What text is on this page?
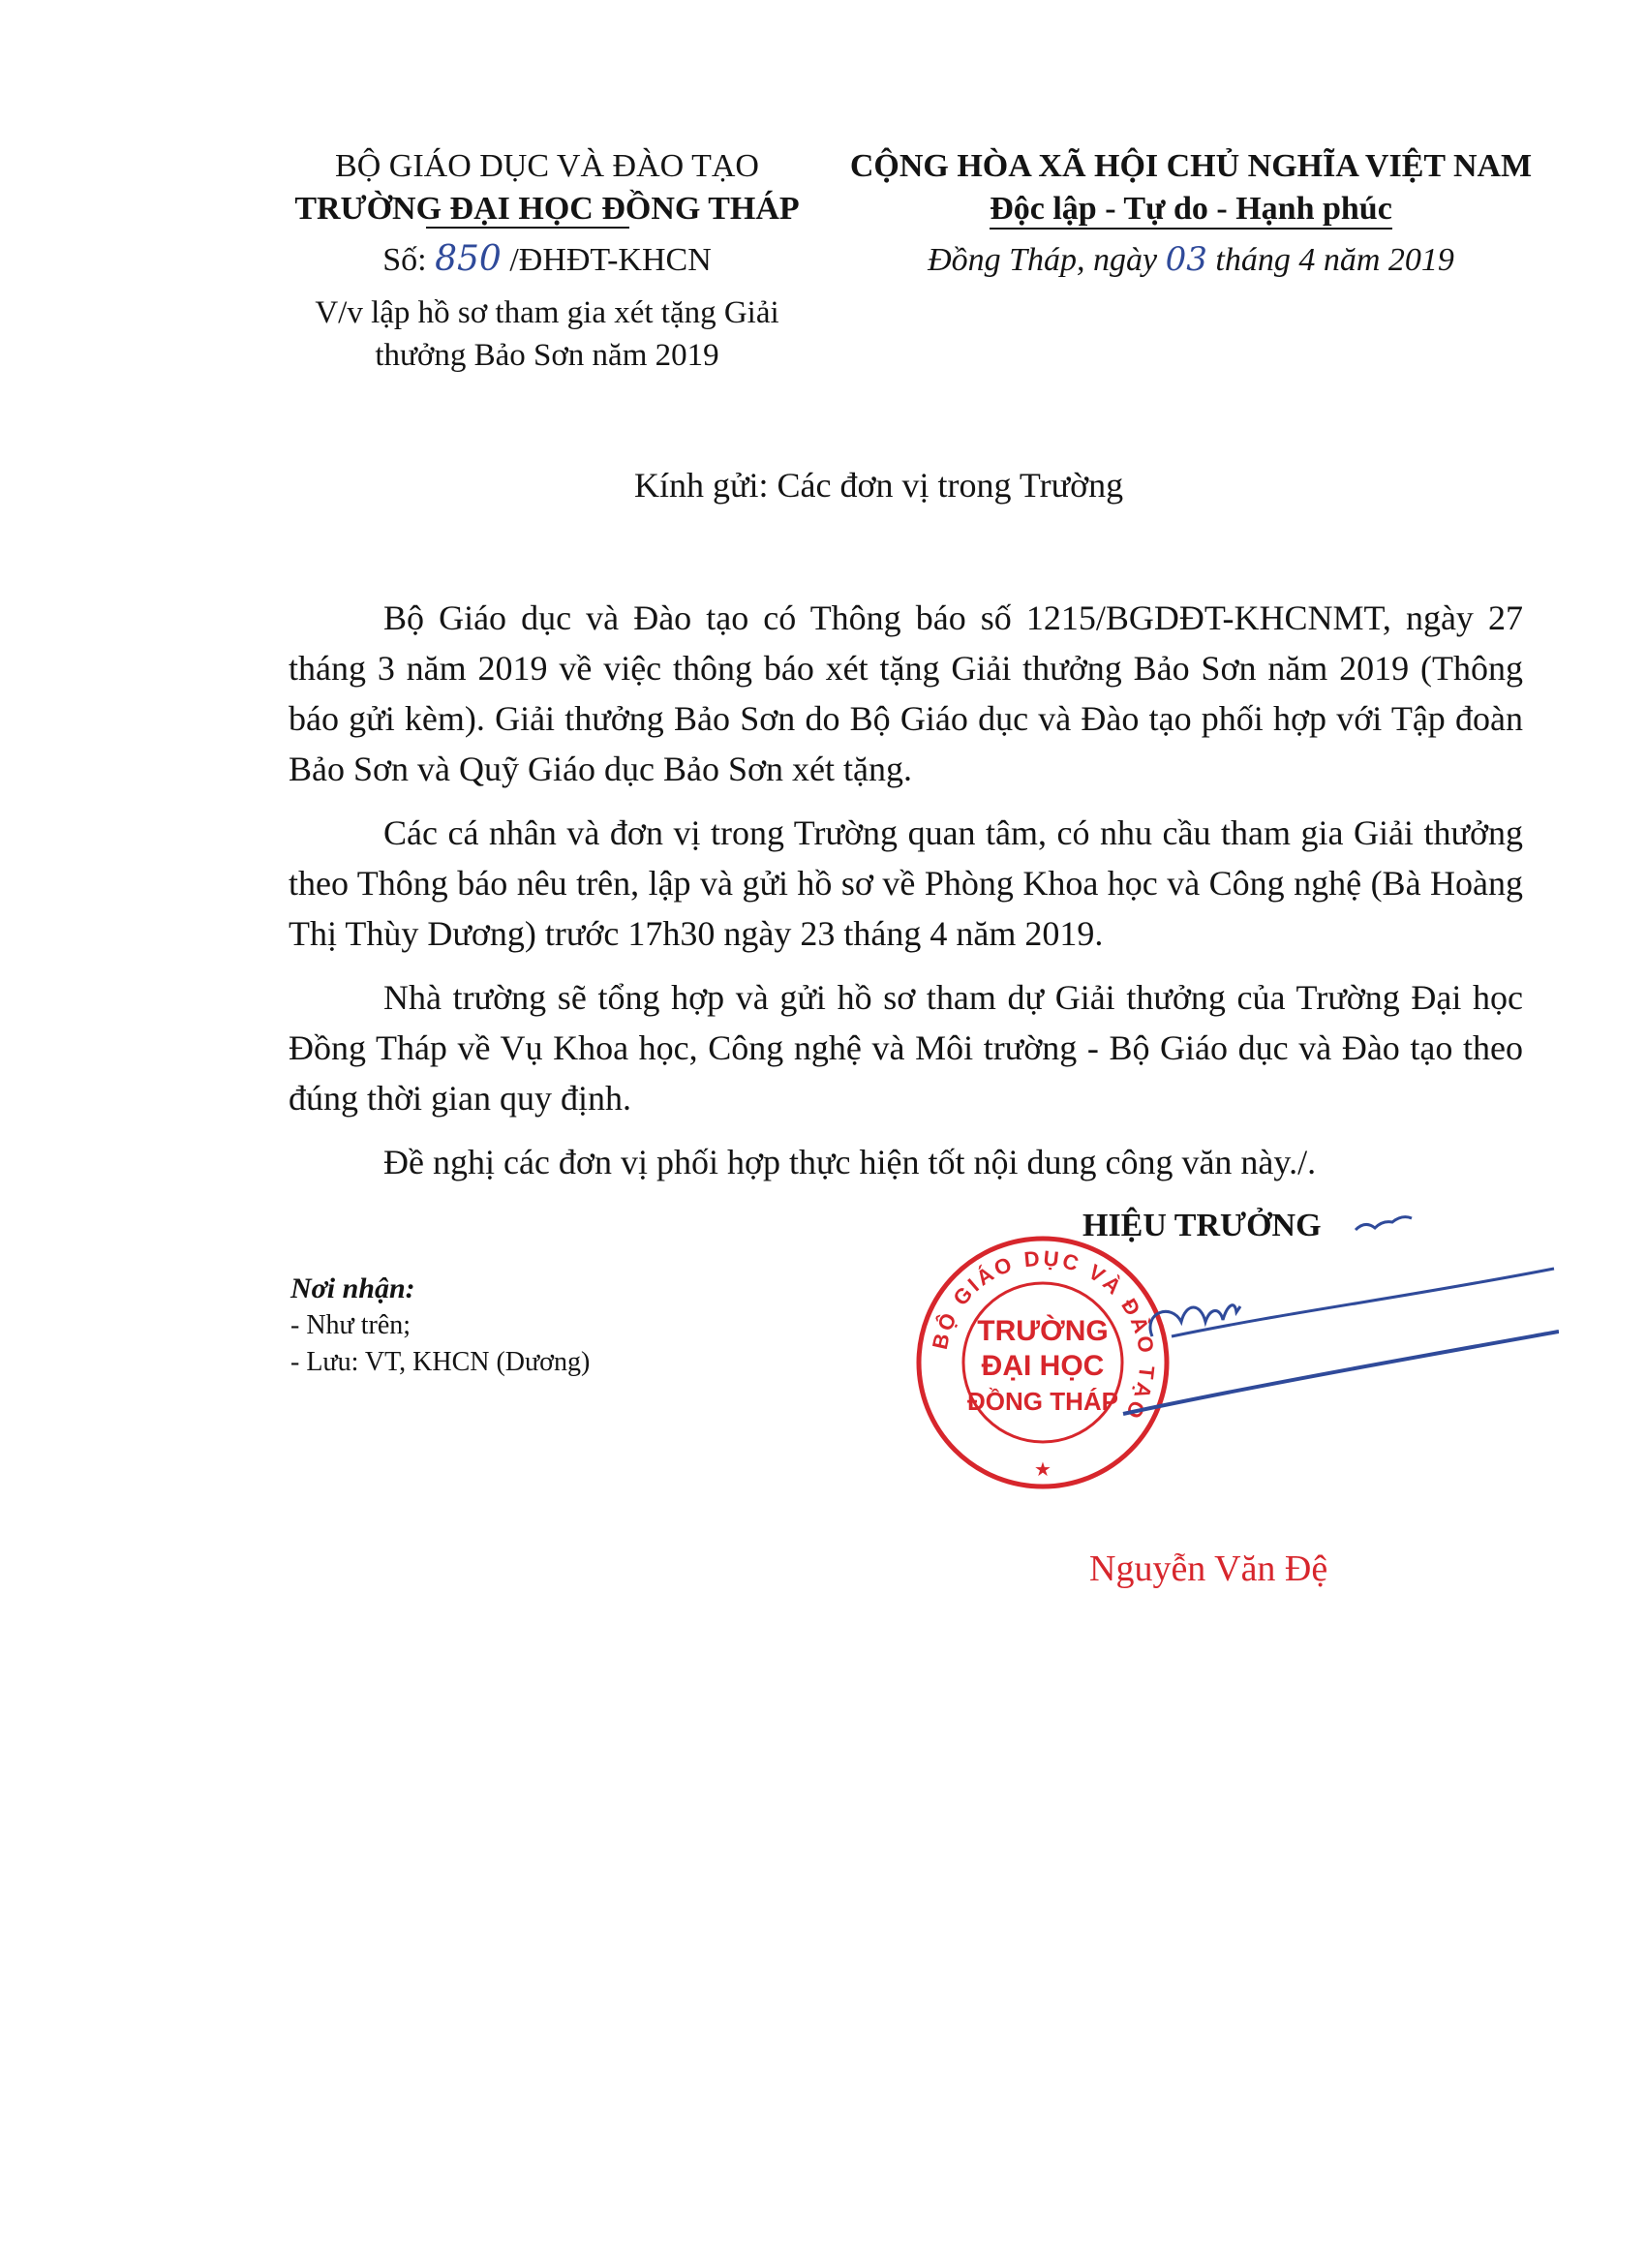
BỘ GIÁO DỤC VÀ ĐÀO TẠO
TRƯỜNG ĐẠI HỌC ĐỒNG THÁP
Số: 850 /ĐHĐT-KHCN
V/v lập hồ sơ tham gia xét tặng Giải
thưởng Bảo Sơn năm 2019
CỘNG HÒA XÃ HỘI CHỦ NGHĨA VIỆT NAM
Độc lập - Tự do - Hạnh phúc
Đồng Tháp, ngày 03 tháng 4 năm 2019
Kính gửi: Các đơn vị trong Trường

Bộ Giáo dục và Đào tạo có Thông báo số 1215/BGDĐT-KHCNMT, ngày 27 tháng 3 năm 2019 về việc thông báo xét tặng Giải thưởng Bảo Sơn năm 2019 (Thông báo gửi kèm). Giải thưởng Bảo Sơn do Bộ Giáo dục và Đào tạo phối hợp với Tập đoàn Bảo Sơn và Quỹ Giáo dục Bảo Sơn xét tặng.

Các cá nhân và đơn vị trong Trường quan tâm, có nhu cầu tham gia Giải thưởng theo Thông báo nêu trên, lập và gửi hồ sơ về Phòng Khoa học và Công nghệ (Bà Hoàng Thị Thùy Dương) trước 17h30 ngày 23 tháng 4 năm 2019.

Nhà trường sẽ tổng hợp và gửi hồ sơ tham dự Giải thưởng của Trường Đại học Đồng Tháp về Vụ Khoa học, Công nghệ và Môi trường - Bộ Giáo dục và Đào tạo theo đúng thời gian quy định.

Đề nghị các đơn vị phối hợp thực hiện tốt nội dung công văn này./.

HIỆU TRƯỞNG
Nơi nhận:
- Như trên;
- Lưu: VT, KHCN (Dương)
BỘ GIÁO DỤC VÀ ĐÀO TẠO
TRƯỜNG
ĐẠI HỌC
ĐỒNG THÁP
★
Nguyễn Văn Đệ
